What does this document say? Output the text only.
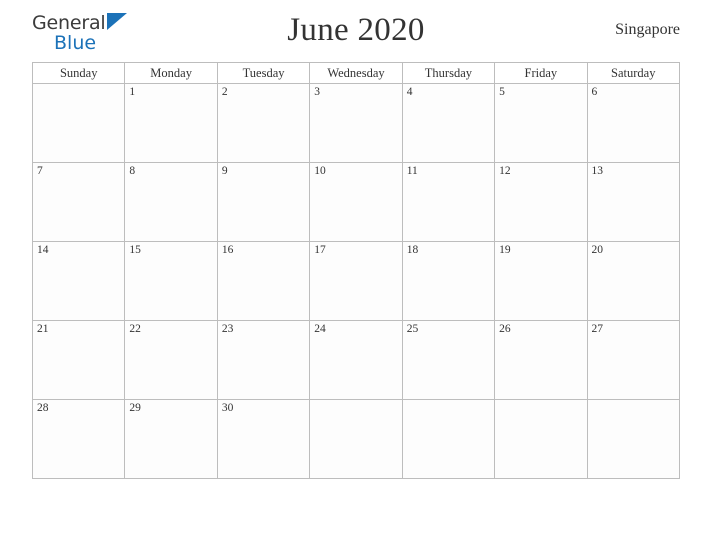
General
Blue	June 2020	Singapore
Sunday	Monday	Tuesday	Wednesday	Thursday	Friday	Saturday

	1	2	3	4	5	6

7	8	9	10	11	12	13

14	15	16	17	18	19	20

21	22	23	24	25	26	27

28	29	30				
